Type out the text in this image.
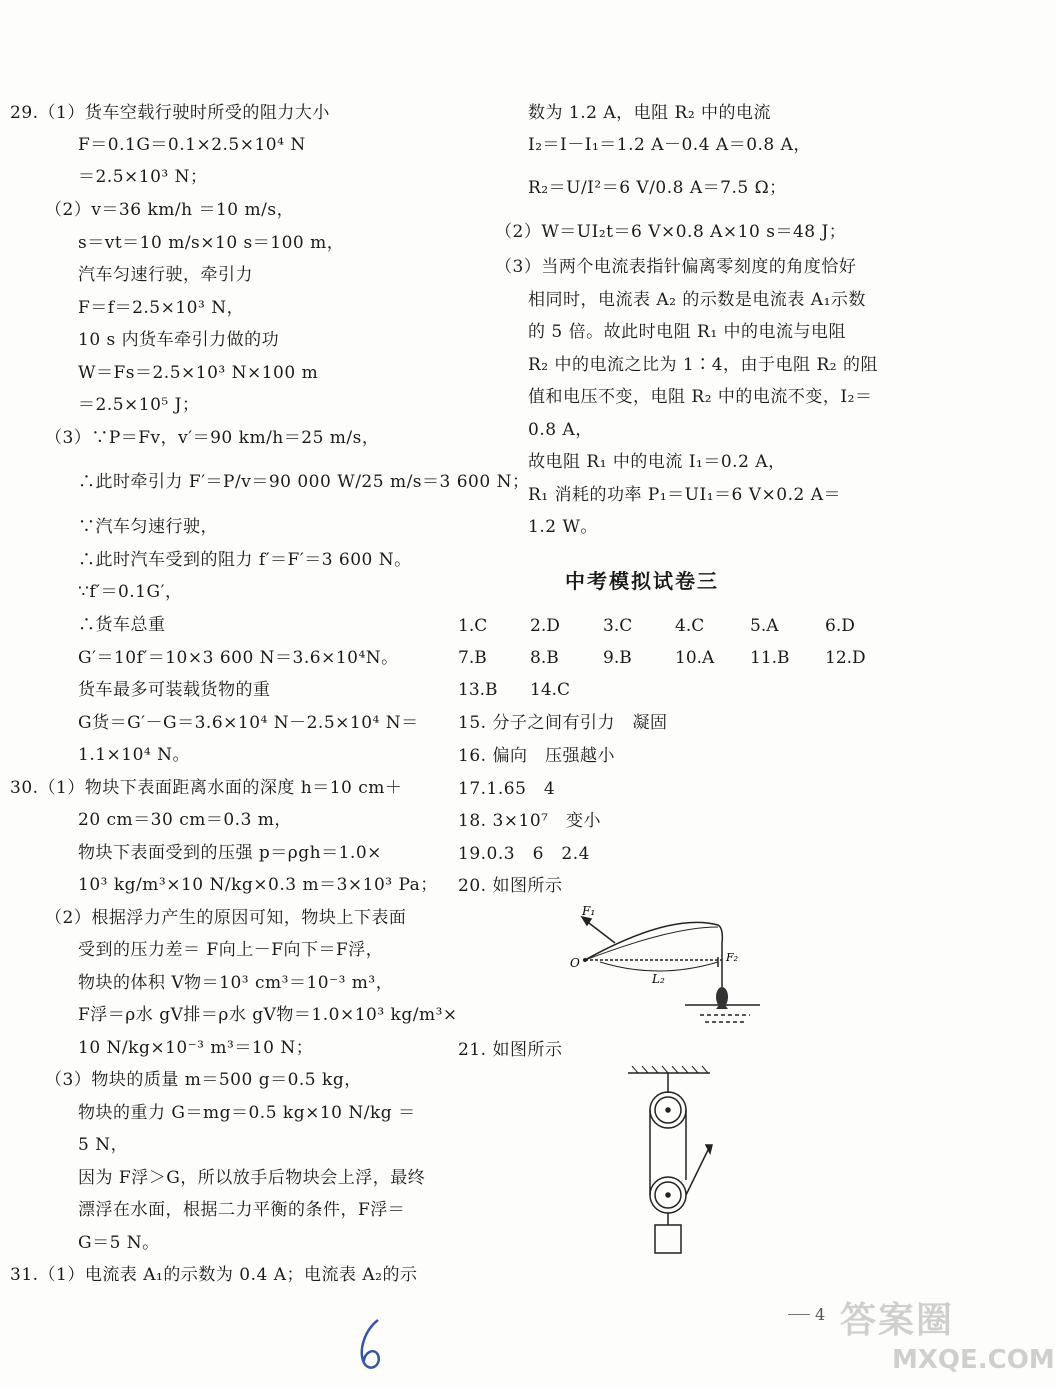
29.（1）货车空载行驶时所受的阻力大小
F＝0.1G＝0.1×2.5×10⁴ N
＝2.5×10³ N；
（2）v＝36 km/h ＝10 m/s，
s＝vt＝10 m/s×10 s＝100 m，
汽车匀速行驶，牵引力
F＝f＝2.5×10³ N，
10 s 内货车牵引力做的功
W＝Fs＝2.5×10³ N×100 m
＝2.5×10⁵ J；
（3）∵P＝Fv，v′＝90 km/h＝25 m/s，
∴此时牵引力 F′＝P/v＝90 000 W/25 m/s＝3 600 N；
∵汽车匀速行驶，
∴此时汽车受到的阻力 f′＝F′＝3 600 N。
∵f′＝0.1G′，
∴货车总重
G′＝10f′＝10×3 600 N＝3.6×10⁴N。
货车最多可装载货物的重
G货＝G′－G＝3.6×10⁴ N－2.5×10⁴ N＝
1.1×10⁴ N。
30.（1）物块下表面距离水面的深度 h＝10 cm＋
20 cm＝30 cm＝0.3 m，
物块下表面受到的压强 p＝ρgh＝1.0×
10³ kg/m³×10 N/kg×0.3 m＝3×10³ Pa；
（2）根据浮力产生的原因可知，物块上下表面
受到的压力差＝ F向上－F向下＝F浮，
物块的体积 V物＝10³ cm³＝10⁻³ m³，
F浮＝ρ水 gV排＝ρ水 gV物＝1.0×10³ kg/m³×
10 N/kg×10⁻³ m³＝10 N；
（3）物块的质量 m＝500 g＝0.5 kg，
物块的重力 G＝mg＝0.5 kg×10 N/kg ＝
5 N，
因为 F浮＞G，所以放手后物块会上浮，最终
漂浮在水面，根据二力平衡的条件，F浮＝
G＝5 N。
31.（1）电流表 A₁的示数为 0.4 A；电流表 A₂的示
数为 1.2 A，电阻 R₂ 中的电流
I₂＝I－I₁＝1.2 A－0.4 A＝0.8 A，
R₂＝U/I²＝6 V/0.8 A＝7.5 Ω；
（2）W＝UI₂t＝6 V×0.8 A×10 s＝48 J；
（3）当两个电流表指针偏离零刻度的角度恰好
相同时，电流表 A₂ 的示数是电流表 A₁示数
的 5 倍。故此时电阻 R₁ 中的电流与电阻
R₂ 中的电流之比为 1∶4，由于电阻 R₂ 的阻
值和电压不变，电阻 R₂ 中的电流不变，I₂＝
0.8 A，
故电阻 R₁ 中的电流 I₁＝0.2 A，
R₁ 消耗的功率 P₁＝UI₁＝6 V×0.2 A＝
1.2 W。
中考模拟试卷三
1.C	2.D	3.C	4.C	5.A	6.D
7.B	8.B	9.B	10.A 11.B 12.D
13.B 14.C
15. 分子之间有引力　凝固
16. 偏向　压强越小
17.1.65　4
18. 3×10⁷　变小
19.0.3　6　2.4
20. 如图所示
F₁
O	F₂
L₂
21. 如图所示
4 答案圈
MXQE.COM
